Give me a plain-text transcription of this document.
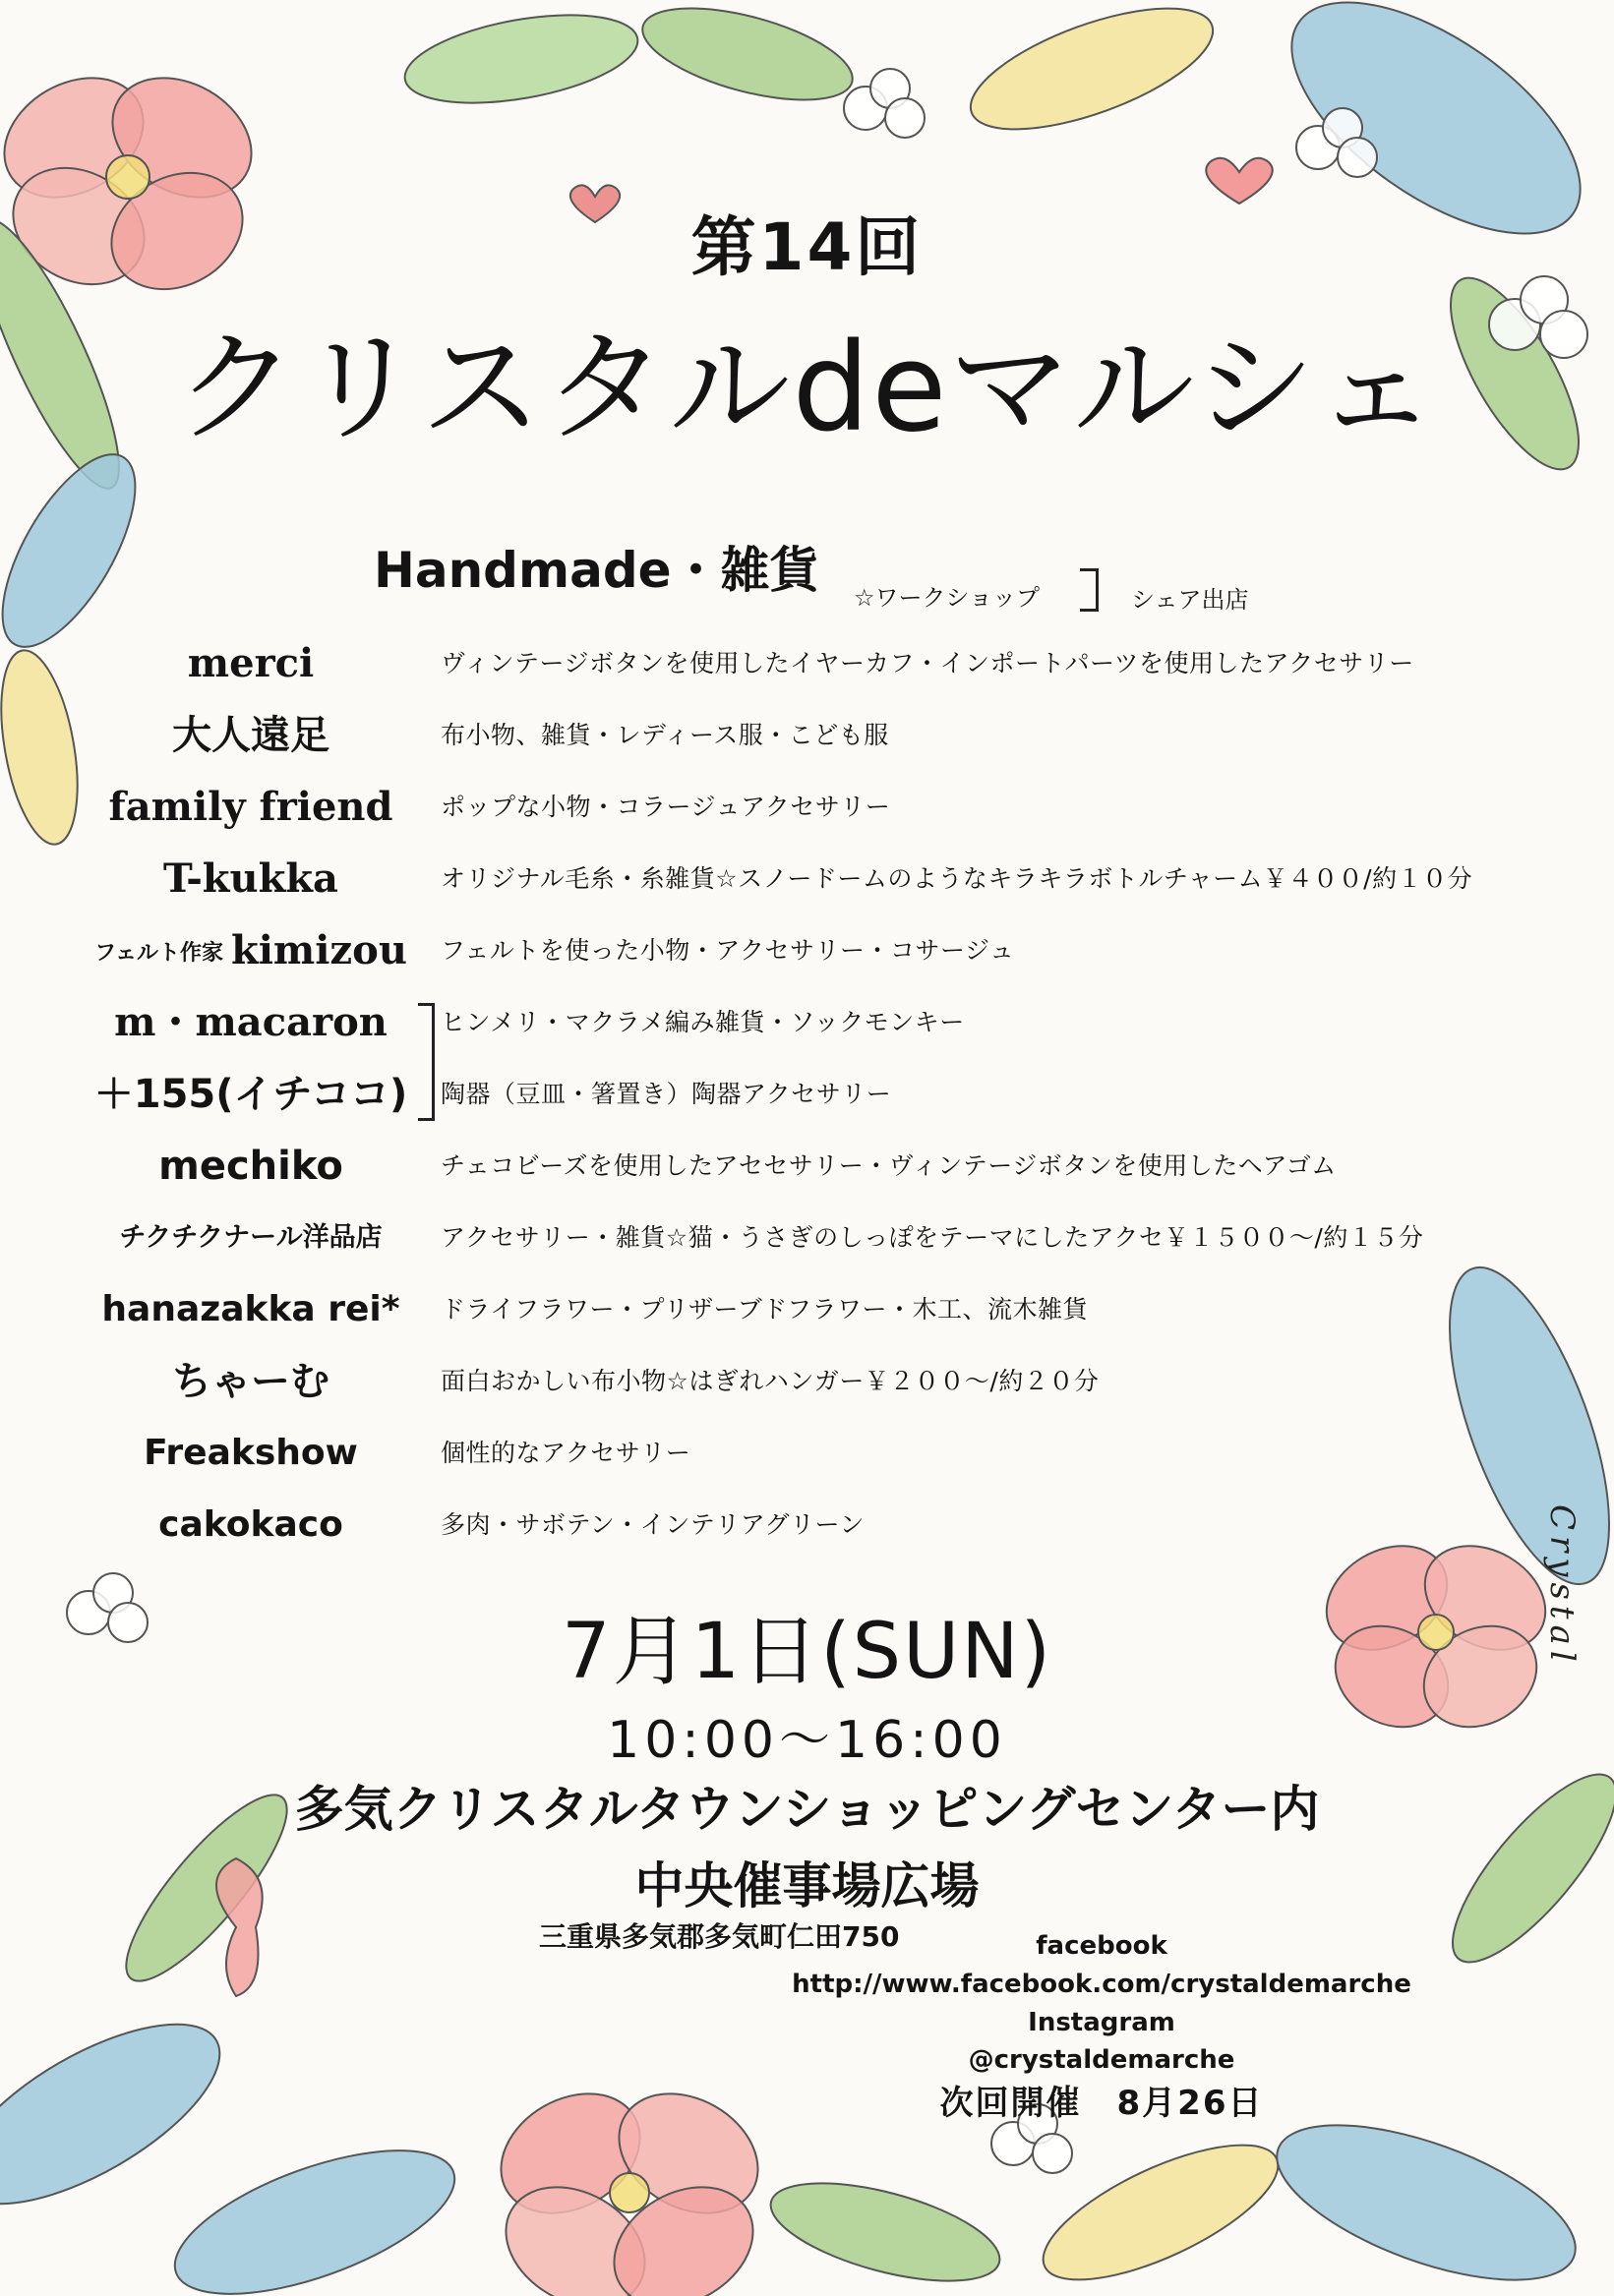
第14回
クリスタルdeマルシェ
Handmade・雑貨 ☆ワークショップ	シェア出店
merci	ヴィンテージボタンを使用したイヤーカフ・インポートパーツを使用したアクセサリー
大人遠足	布小物、雑貨・レディース服・こども服
family friend	ポップな小物・コラージュアクセサリー
T-kukka	オリジナル毛糸・糸雑貨☆スノードームのようなキラキラボトルチャーム￥４００/約１０分
フェルト作家 kimizou	フェルトを使った小物・アクセサリー・コサージュ
m・macaron	ヒンメリ・マクラメ編み雑貨・ソックモンキー
＋155(イチココ)	陶器（豆皿・箸置き）陶器アクセサリー
mechiko	チェコビーズを使用したアセセサリー・ヴィンテージボタンを使用したヘアゴム
チクチクナール洋品店	アクセサリー・雑貨☆猫・うさぎのしっぽをテーマにしたアクセ￥１５００～/約１５分
hanazakka rei*	ドライフラワー・プリザーブドフラワー・木工、流木雑貨
ちゃーむ	面白おかしい布小物☆はぎれハンガー￥２００～/約２０分
Freakshow	個性的なアクセサリー
cakokaco	多肉・サボテン・インテリアグリーン
7月1日(SUN)
10:00～16:00
多気クリスタルタウンショッピングセンター内
中央催事場広場
三重県多気郡多気町仁田750	facebook
http://www.facebook.com/crystaldemarche
Instagram
@crystaldemarche
次回開催　8月26日
Crystal
